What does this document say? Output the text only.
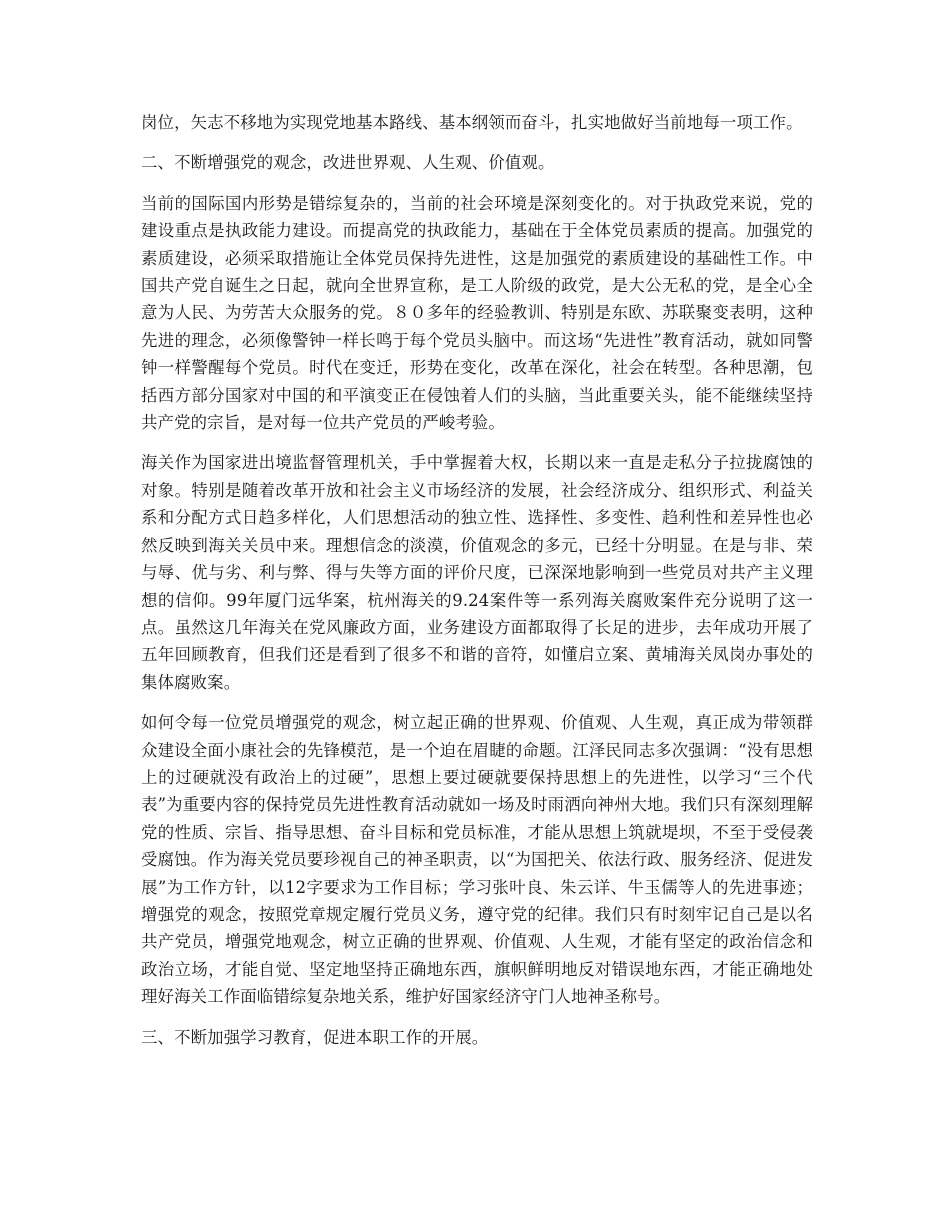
岗位，矢志不移地为实现党地基本路线、基本纲领而奋斗，扎实地做好当前地每一项工作。

二、不断增强党的观念，改进世界观、人生观、价值观。

当前的国际国内形势是错综复杂的，当前的社会环境是深刻变化的。对于执政党来说，党的建设重点是执政能力建设。而提高党的执政能力，基础在于全体党员素质的提高。加强党的素质建设，必须采取措施让全体党员保持先进性，这是加强党的素质建设的基础性工作。中国共产党自诞生之日起，就向全世界宣称，是工人阶级的政党，是大公无私的党，是全心全意为人民、为劳苦大众服务的党。８０多年的经验教训、特别是东欧、苏联聚变表明，这种先进的理念，必须像警钟一样长鸣于每个党员头脑中。而这场“先进性”教育活动，就如同警钟一样警醒每个党员。时代在变迁，形势在变化，改革在深化，社会在转型。各种思潮，包括西方部分国家对中国的和平演变正在侵蚀着人们的头脑，当此重要关头，能不能继续坚持共产党的宗旨，是对每一位共产党员的严峻考验。

海关作为国家进出境监督管理机关，手中掌握着大权，长期以来一直是走私分子拉拢腐蚀的对象。特别是随着改革开放和社会主义市场经济的发展，社会经济成分、组织形式、利益关系和分配方式日趋多样化，人们思想活动的独立性、选择性、多变性、趋利性和差异性也必然反映到海关关员中来。理想信念的淡漠，价值观念的多元，已经十分明显。在是与非、荣与辱、优与劣、利与弊、得与失等方面的评价尺度，已深深地影响到一些党员对共产主义理想的信仰。99年厦门远华案，杭州海关的9.24案件等一系列海关腐败案件充分说明了这一点。虽然这几年海关在党风廉政方面，业务建设方面都取得了长足的进步，去年成功开展了五年回顾教育，但我们还是看到了很多不和谐的音符，如懂启立案、黄埔海关凤岗办事处的集体腐败案。

如何令每一位党员增强党的观念，树立起正确的世界观、价值观、人生观，真正成为带领群众建设全面小康社会的先锋模范，是一个迫在眉睫的命题。江泽民同志多次强调：“没有思想上的过硬就没有政治上的过硬”，思想上要过硬就要保持思想上的先进性，以学习“三个代表”为重要内容的保持党员先进性教育活动就如一场及时雨洒向神州大地。我们只有深刻理解党的性质、宗旨、指导思想、奋斗目标和党员标准，才能从思想上筑就堤坝，不至于受侵袭受腐蚀。作为海关党员要珍视自己的神圣职责，以“为国把关、依法行政、服务经济、促进发展”为工作方针，以12字要求为工作目标；学习张叶良、朱云详、牛玉儒等人的先进事迹；增强党的观念，按照党章规定履行党员义务，遵守党的纪律。我们只有时刻牢记自己是以名共产党员，增强党地观念，树立正确的世界观、价值观、人生观，才能有坚定的政治信念和政治立场，才能自觉、坚定地坚持正确地东西，旗帜鲜明地反对错误地东西，才能正确地处理好海关工作面临错综复杂地关系，维护好国家经济守门人地神圣称号。

三、不断加强学习教育，促进本职工作的开展。
